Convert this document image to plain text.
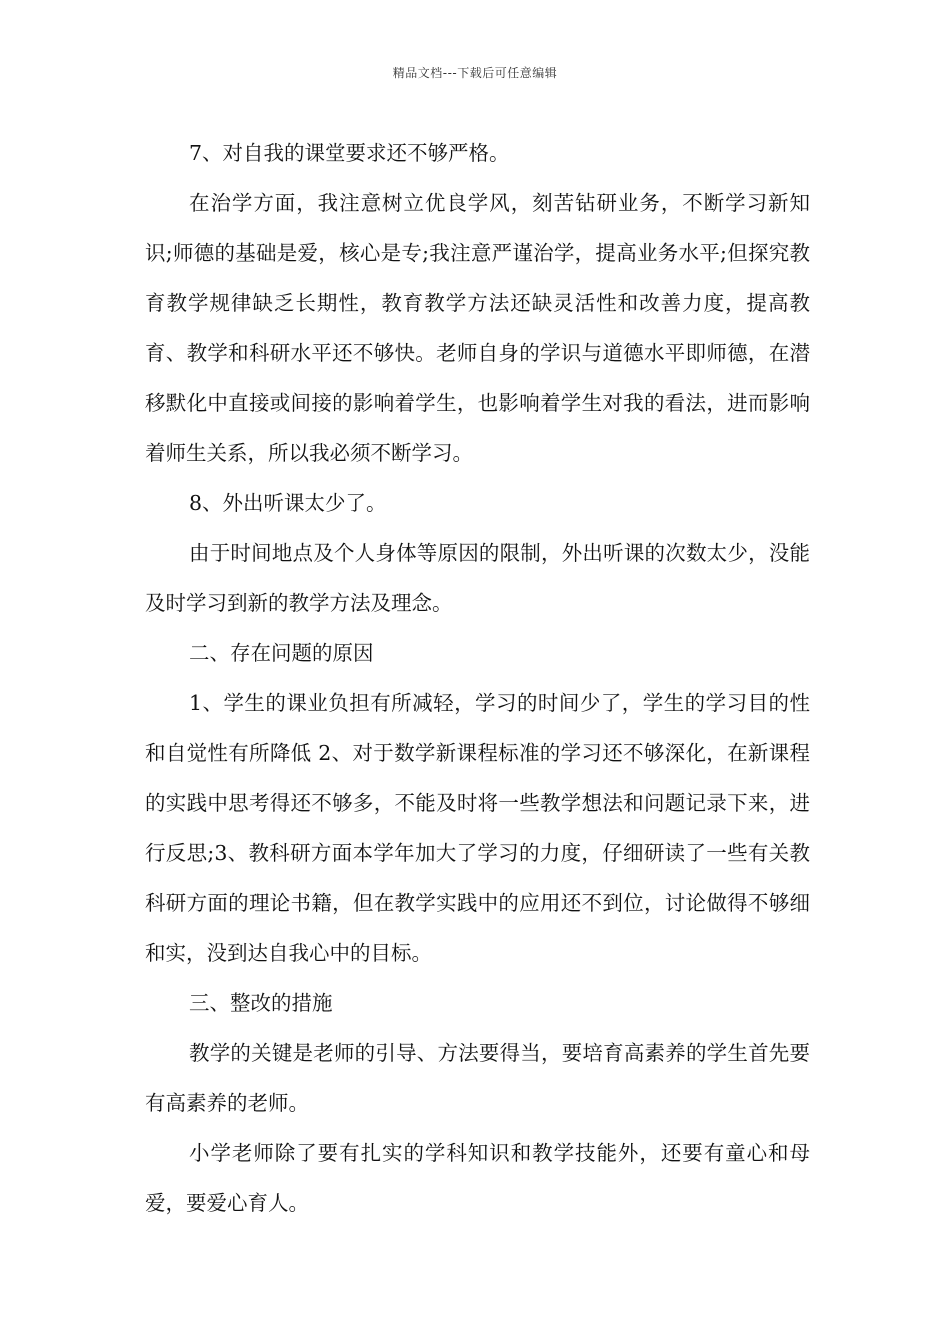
精品文档---下载后可任意编辑

7、对自我的课堂要求还不够严格。

在治学方面，我注意树立优良学风，刻苦钻研业务，不断学习新知识;师德的基础是爱，核心是专;我注意严谨治学，提高业务水平;但探究教育教学规律缺乏长期性，教育教学方法还缺灵活性和改善力度，提高教育、教学和科研水平还不够快。老师自身的学识与道德水平即师德，在潜移默化中直接或间接的影响着学生，也影响着学生对我的看法，进而影响着师生关系，所以我必须不断学习。

8、外出听课太少了。

由于时间地点及个人身体等原因的限制，外出听课的次数太少，没能及时学习到新的教学方法及理念。

二、存在问题的原因

1、学生的课业负担有所减轻，学习的时间少了，学生的学习目的性和自觉性有所降低 2、对于数学新课程标准的学习还不够深化，在新课程的实践中思考得还不够多，不能及时将一些教学想法和问题记录下来，进行反思;3、教科研方面本学年加大了学习的力度，仔细研读了一些有关教科研方面的理论书籍，但在教学实践中的应用还不到位，讨论做得不够细和实，没到达自我心中的目标。

三、整改的措施

教学的关键是老师的引导、方法要得当，要培育高素养的学生首先要有高素养的老师。

小学老师除了要有扎实的学科知识和教学技能外，还要有童心和母爱，要爱心育人。
